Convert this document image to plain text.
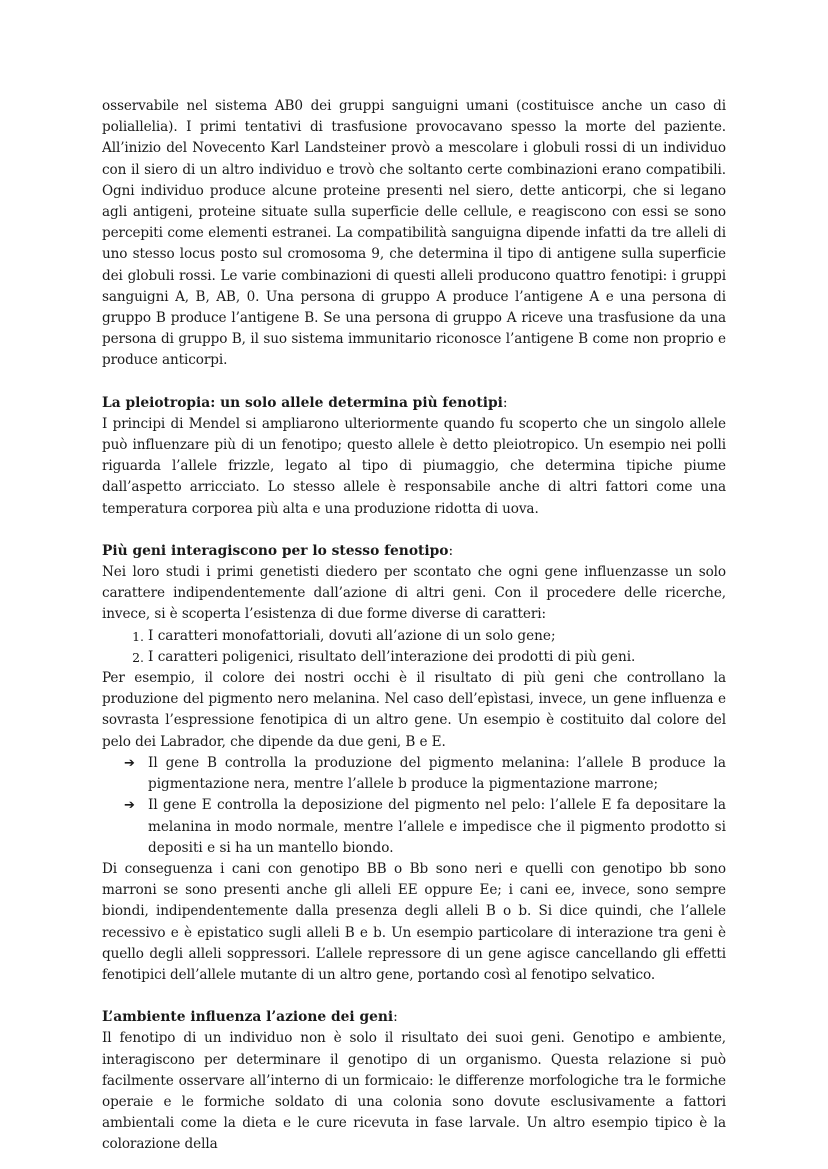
osservabile nel sistema AB0 dei gruppi sanguigni umani (costituisce anche un caso di poliallelia). I primi tentativi di trasfusione provocavano spesso la morte del paziente. All’inizio del Novecento Karl Landsteiner provò a mescolare i globuli rossi di un individuo con il siero di un altro individuo e trovò che soltanto certe combinazioni erano compatibili. Ogni individuo produce alcune proteine presenti nel siero, dette anticorpi, che si legano agli antigeni, proteine situate sulla superficie delle cellule, e reagiscono con essi se sono percepiti come elementi estranei. La compatibilità sanguigna dipende infatti da tre alleli di uno stesso locus posto sul cromosoma 9, che determina il tipo di antigene sulla superficie dei globuli rossi. Le varie combinazioni di questi alleli producono quattro fenotipi: i gruppi sanguigni A, B, AB, 0. Una persona di gruppo A produce l’antigene A e una persona di gruppo B produce l’antigene B. Se una persona di gruppo A riceve una trasfusione da una persona di gruppo B, il suo sistema immunitario riconosce l’antigene B come non proprio e produce anticorpi.

La pleiotropia: un solo allele determina più fenotipi:

I principi di Mendel si ampliarono ulteriormente quando fu scoperto che un singolo allele può influenzare più di un fenotipo; questo allele è detto pleiotropico. Un esempio nei polli riguarda l’allele frizzle, legato al tipo di piumaggio, che determina tipiche piume dall’aspetto arricciato. Lo stesso allele è responsabile anche di altri fattori come una temperatura corporea più alta e una produzione ridotta di uova.

Più geni interagiscono per lo stesso fenotipo:

Nei loro studi i primi genetisti diedero per scontato che ogni gene influenzasse un solo carattere indipendentemente dall’azione di altri geni. Con il procedere delle ricerche, invece, si è scoperta l’esistenza di due forme diverse di caratteri:

1. I caratteri monofattoriali, dovuti all’azione di un solo gene;
2. I caratteri poligenici, risultato dell’interazione dei prodotti di più geni.

Per esempio, il colore dei nostri occhi è il risultato di più geni che controllano la produzione del pigmento nero melanina. Nel caso dell’epìstasi, invece, un gene influenza e sovrasta l’espressione fenotipica di un altro gene. Un esempio è costituito dal colore del pelo dei Labrador, che dipende da due geni, B e E.

➔ Il gene B controlla la produzione del pigmento melanina: l’allele B produce la pigmentazione nera, mentre l’allele b produce la pigmentazione marrone;
➔ Il gene E controlla la deposizione del pigmento nel pelo: l’allele E fa depositare la melanina in modo normale, mentre l’allele e impedisce che il pigmento prodotto si depositi e si ha un mantello biondo.

Di conseguenza i cani con genotipo BB o Bb sono neri e quelli con genotipo bb sono marroni se sono presenti anche gli alleli EE oppure Ee; i cani ee, invece, sono sempre biondi, indipendentemente dalla presenza degli alleli B o b. Si dice quindi, che l’allele recessivo e è epistatico sugli alleli B e b. Un esempio particolare di interazione tra geni è quello degli alleli soppressori. L’allele repressore di un gene agisce cancellando gli effetti fenotipici dell’allele mutante di un altro gene, portando così al fenotipo selvatico.

L’ambiente influenza l’azione dei geni:

Il fenotipo di un individuo non è solo il risultato dei suoi geni. Genotipo e ambiente, interagiscono per determinare il genotipo di un organismo. Questa relazione si può facilmente osservare all’interno di un formicaio: le differenze morfologiche tra le formiche operaie e le formiche soldato di una colonia sono dovute esclusivamente a fattori ambientali come la dieta e le cure ricevuta in fase larvale. Un altro esempio tipico è la colorazione della
